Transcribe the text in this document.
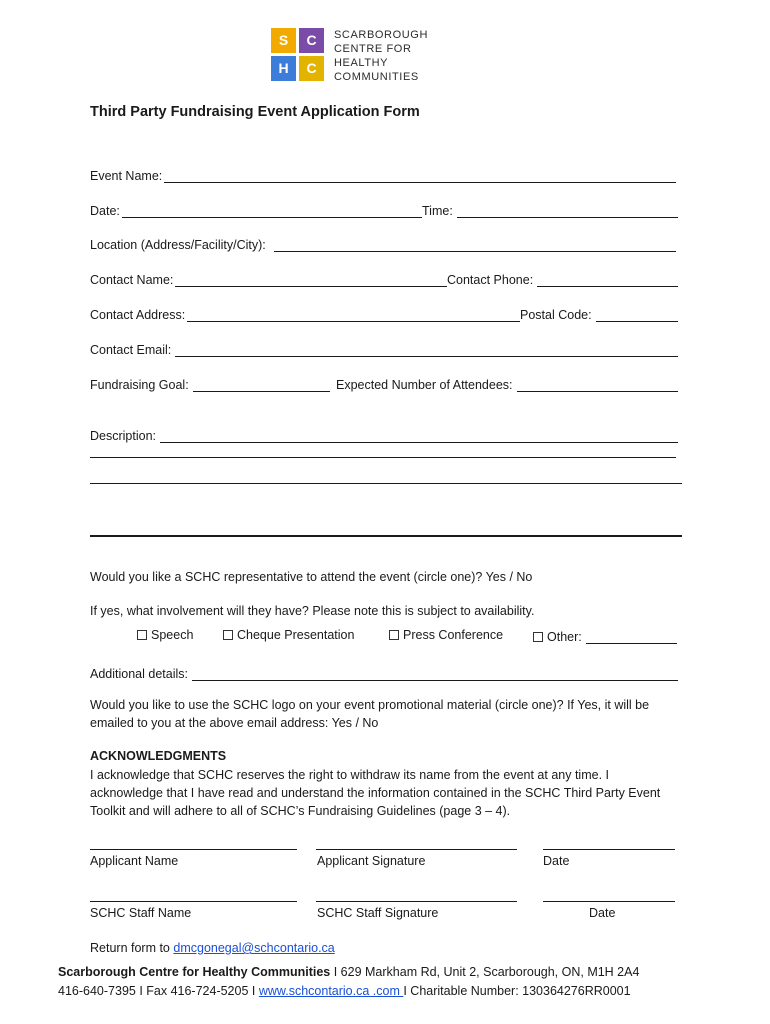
S	C
H	C
SCARBOROUGH
CENTRE FOR
HEALTHY
COMMUNITIES
Third Party Fundraising Event Application Form
Event Name:
Date:	Time:
Location (Address/Facility/City):
Contact Name:	Contact Phone:
Contact Address:	Postal Code:
Contact Email:
Fundraising Goal:	Expected Number of Attendees:
Description:
Would you like a SCHC representative to attend the event (circle one)? Yes / No
If yes, what involvement will they have? Please note this is subject to availability.
Speech	Cheque Presentation	Press Conference	Other:
Additional details:
Would you like to use the SCHC logo on your event promotional material (circle one)? If Yes, it will be emailed to you at the above email address: Yes / No
ACKNOWLEDGMENTS
I acknowledge that SCHC reserves the right to withdraw its name from the event at any time. I acknowledge that I have read and understand the information contained in the SCHC Third Party Event Toolkit and will adhere to all of SCHC’s Fundraising Guidelines (page 3 – 4).
Applicant Name	Applicant Signature	Date
SCHC Staff Name	SCHC Staff Signature	Date
Return form to dmcgonegal@schcontario.ca
Scarborough Centre for Healthy Communities I 629 Markham Rd, Unit 2, Scarborough, ON, M1H 2A4
416-640-7395 I Fax 416-724-5205 I www.schcontario.ca .com I Charitable Number: 130364276RR0001
